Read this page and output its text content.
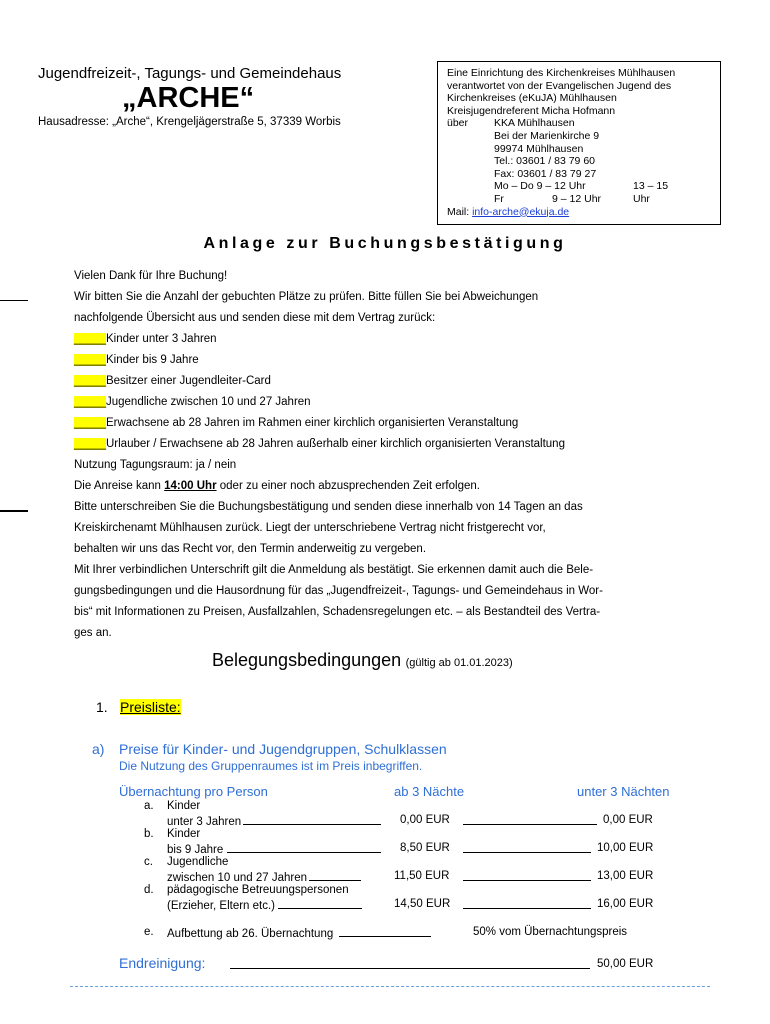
Jugendfreizeit-, Tagungs- und Gemeindehaus
„ARCHE“
Hausadresse: „Arche“, Krengeljägerstraße 5, 37339 Worbis
Eine Einrichtung des Kirchenkreises Mühlhausen
verantwortet von der Evangelischen Jugend des
Kirchenkreises (eKuJA) Mühlhausen
Kreisjugendreferent Micha Hofmann
über KKA Mühlhausen
Bei der Marienkirche 9
99974 Mühlhausen
Tel.: 03601 / 83 79 60
Fax: 03601 / 83 79 27
Mo – Do 9 – 12 Uhr	13 – 15 Uhr
Fr	9 – 12 Uhr
Mail: info-arche@ekuja.de
Anlage zur Buchungsbestätigung
Vielen Dank für Ihre Buchung!
Wir bitten Sie die Anzahl der gebuchten Plätze zu prüfen. Bitte füllen Sie bei Abweichungen
nachfolgende Übersicht aus und senden diese mit dem Vertrag zurück:
_____Kinder unter 3 Jahren
_____Kinder bis 9 Jahre
_____Besitzer einer Jugendleiter-Card
_____Jugendliche zwischen 10 und 27 Jahren
_____Erwachsene ab 28 Jahren im Rahmen einer kirchlich organisierten Veranstaltung
_____Urlauber / Erwachsene ab 28 Jahren außerhalb einer kirchlich organisierten Veranstaltung
Nutzung Tagungsraum: ja / nein
Die Anreise kann 14:00 Uhr oder zu einer noch abzusprechenden Zeit erfolgen.
Bitte unterschreiben Sie die Buchungsbestätigung und senden diese innerhalb von 14 Tagen an das
Kreiskirchenamt Mühlhausen zurück. Liegt der unterschriebene Vertrag nicht fristgerecht vor,
behalten wir uns das Recht vor, den Termin anderweitig zu vergeben.
Mit Ihrer verbindlichen Unterschrift gilt die Anmeldung als bestätigt. Sie erkennen damit auch die Bele-
gungsbedingungen und die Hausordnung für das „Jugendfreizeit-, Tagungs- und Gemeindehaus in Wor-
bis“ mit Informationen zu Preisen, Ausfallzahlen, Schadensregelungen etc. – als Bestandteil des Vertra-
ges an.
Belegungsbedingungen (gültig ab 01.01.2023)
1. Preisliste:
a) Preise für Kinder- und Jugendgruppen, Schulklassen
Die Nutzung des Gruppenraumes ist im Preis inbegriffen.
Übernachtung pro Person	ab 3 Nächte	unter 3 Nächten
a. Kinder
unter 3 Jahren	0,00 EUR	0,00 EUR
b. Kinder
bis 9 Jahre	8,50 EUR	10,00 EUR
c. Jugendliche
zwischen 10 und 27 Jahren	11,50 EUR	13,00 EUR
d. pädagogische Betreuungspersonen
(Erzieher, Eltern etc.)	14,50 EUR	16,00 EUR
e. Aufbettung ab 26. Übernachtung	50% vom Übernachtungspreis
Endreinigung:	50,00 EUR
